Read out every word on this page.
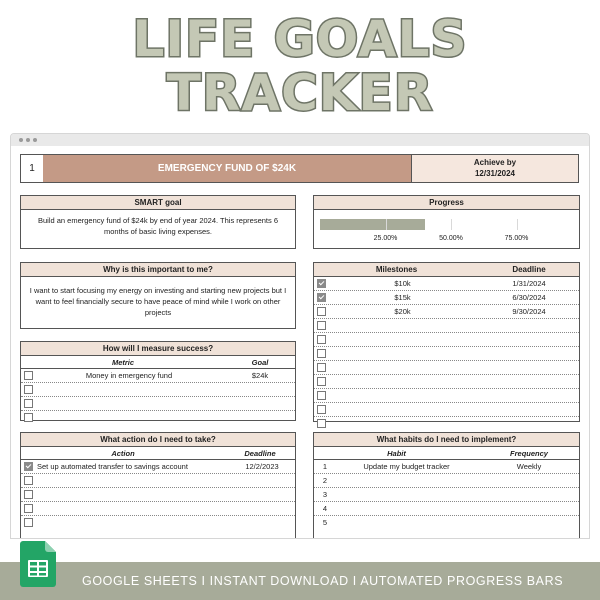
LIFE GOALS
TRACKER
1	EMERGENCY FUND OF $24K
Achieve by
12/31/2024
SMART goal
Build an emergency fund of $24k by end of year 2024. This represents 6 months of basic living expenses.
Progress
25.00%	50.00%	75.00%
Why is this important to me?
I want to start focusing my energy on investing and starting new projects but I want to feel financially secure to have peace of mind while I work on other projects
Milestones	Deadline
$10k	1/31/2024
$15k	6/30/2024
$20k	9/30/2024
How will I measure success?
Metric	Goal
Money in emergency fund	$24k
What action do I need to take?
Action	Deadline
Set up automated transfer to savings account	12/2/2023
What habits do I need to implement?
Habit	Frequency
1	Update my budget tracker	Weekly
2
3
4
5
GOOGLE SHEETS I INSTANT DOWNLOAD I AUTOMATED PROGRESS BARS
